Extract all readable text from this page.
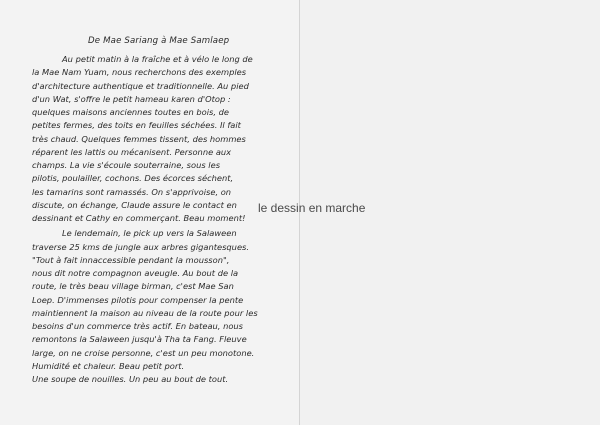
De Mae Sariang à Mae Samlaep
Au petit matin à la fraîche et à vélo le long de
la Mae Nam Yuam, nous recherchons des exemples
d'architecture authentique et traditionnelle. Au pied
d'un Wat, s'offre le petit hameau karen d'Otop :
quelques maisons anciennes toutes en bois, de
petites fermes, des toits en feuilles séchées. Il fait
très chaud. Quelques femmes tissent, des hommes
réparent les lattis ou mécanisent. Personne aux
champs. La vie s'écoule souterraine, sous les
pilotis, poulailler, cochons. Des écorces séchent,
les tamarins sont ramassés. On s'apprivoise, on
discute, on échange, Claude assure le contact en
dessinant et Cathy en commerçant. Beau moment!
Le lendemain, le pick up vers la Salaween
traverse 25 kms de jungle aux arbres gigantesques.
"Tout à fait innaccessible pendant la mousson",
nous dit notre compagnon aveugle. Au bout de la
route, le très beau village birman, c'est Mae San
Loep. D'immenses pilotis pour compenser la pente
maintiennent la maison au niveau de la route pour les
besoins d'un commerce très actif. En bateau, nous
remontons la Salaween jusqu'à Tha ta Fang. Fleuve
large, on ne croise personne, c'est un peu monotone.
Humidité et chaleur. Beau petit port.
Une soupe de nouilles. Un peu au bout de tout.
le dessin en marche
